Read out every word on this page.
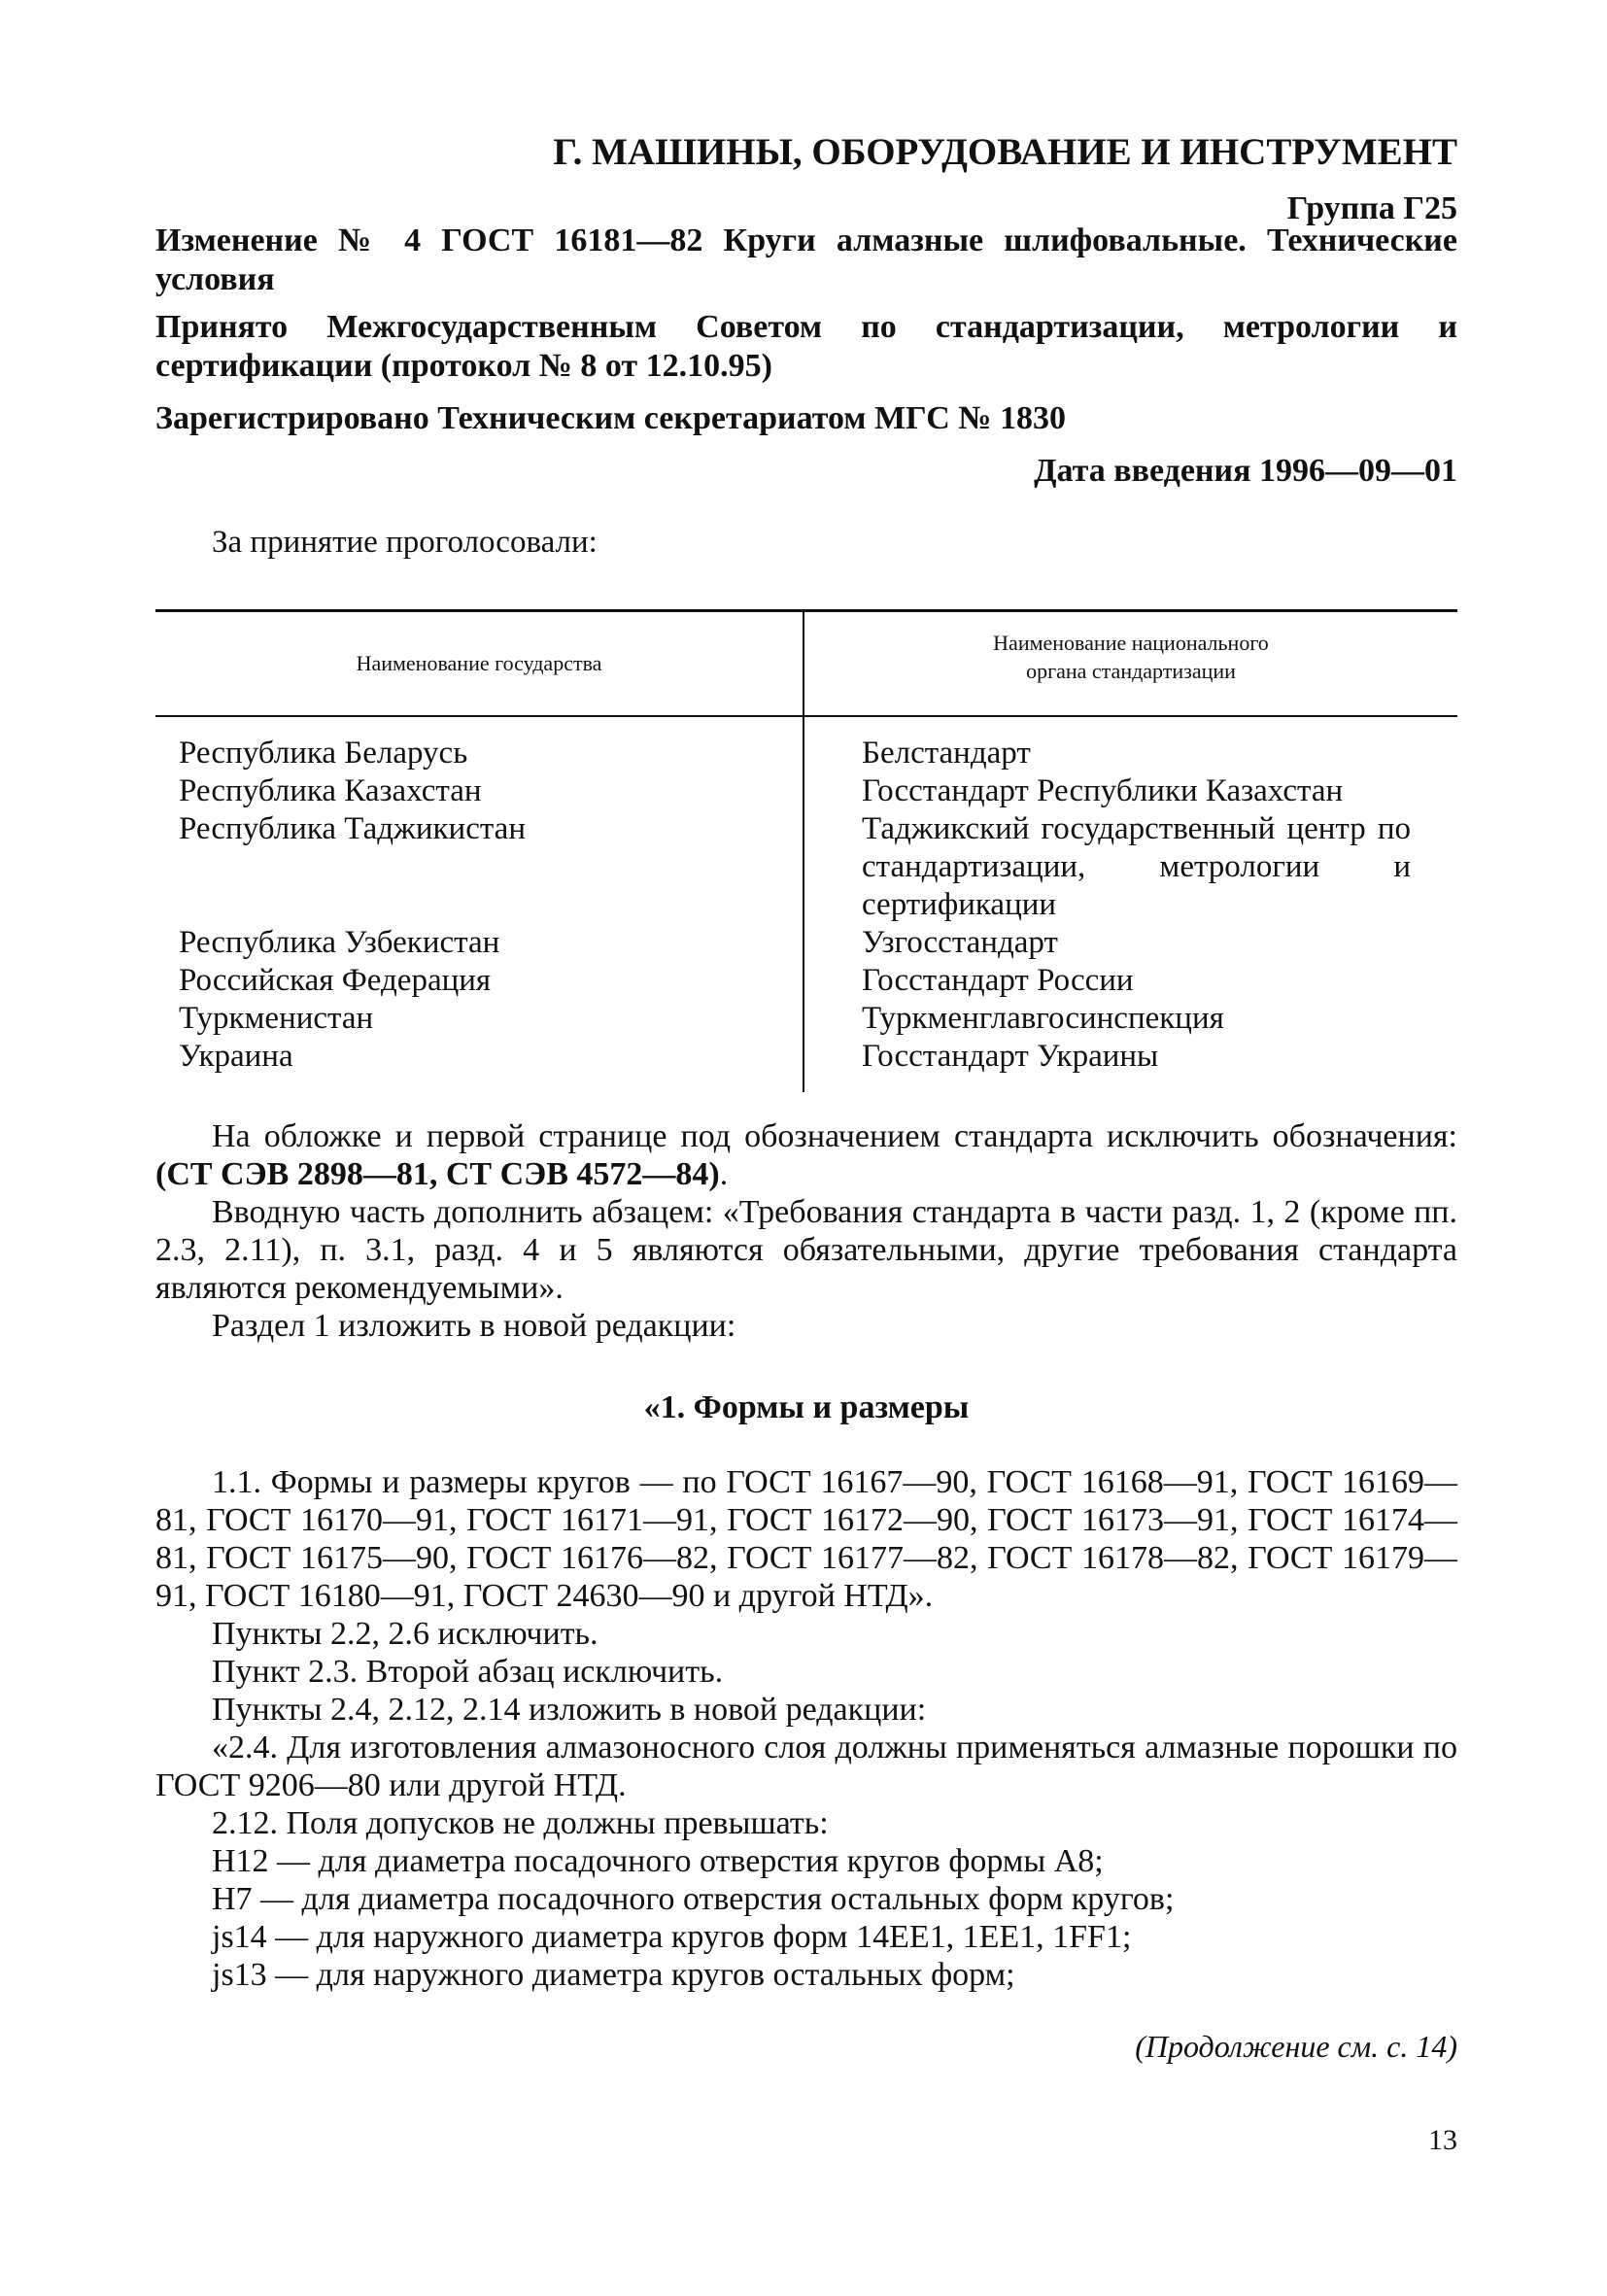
Г. МАШИНЫ, ОБОРУДОВАНИЕ И ИНСТРУМЕНТ
Группа Г25
Изменение № 4 ГОСТ 16181—82 Круги алмазные шлифовальные. Технические условия
Принято Межгосударственным Советом по стандартизации, метрологии и сертификации (протокол № 8 от 12.10.95)
Зарегистрировано Техническим секретариатом МГС № 1830
Дата введения 1996—09—01
За принятие проголосовали:
Наименование государства
Наименование национального органа стандартизации
Республика Беларусь
Республика Казахстан
Республика Таджикистан
Республика Узбекистан
Российская Федерация
Туркменистан
Украина
Белстандарт
Госстандарт Республики Казахстан
Таджикский государственный центр по стандартизации, метрологии и сертификации
Узгосстандарт
Госстандарт России
Туркменглавгосинспекция
Госстандарт Украины

На обложке и первой странице под обозначением стандарта исключить обозначения: (СТ СЭВ 2898—81, СТ СЭВ 4572—84).

Вводную часть дополнить абзацем: «Требования стандарта в части разд. 1, 2 (кроме пп. 2.3, 2.11), п. 3.1, разд. 4 и 5 являются обязательными, другие требования стандарта являются рекомендуемыми».

Раздел 1 изложить в новой редакции:

«1. Формы и размеры

1.1. Формы и размеры кругов — по ГОСТ 16167—90, ГОСТ 16168—91, ГОСТ 16169—81, ГОСТ 16170—91, ГОСТ 16171—91, ГОСТ 16172—90, ГОСТ 16173—91, ГОСТ 16174—81, ГОСТ 16175—90, ГОСТ 16176—82, ГОСТ 16177—82, ГОСТ 16178—82, ГОСТ 16179—91, ГОСТ 16180—91, ГОСТ 24630—90 и другой НТД».

Пункты 2.2, 2.6 исключить.

Пункт 2.3. Второй абзац исключить.

Пункты 2.4, 2.12, 2.14 изложить в новой редакции:

«2.4. Для изготовления алмазоносного слоя должны применяться алмазные порошки по ГОСТ 9206—80 или другой НТД.

2.12. Поля допусков не должны превышать:

Н12 — для диаметра посадочного отверстия кругов формы А8;

Н7 — для диаметра посадочного отверстия остальных форм кругов;

js14 — для наружного диаметра кругов форм 14EE1, 1EE1, 1FF1;

js13 — для наружного диаметра кругов остальных форм;

(Продолжение см. с. 14)
13
